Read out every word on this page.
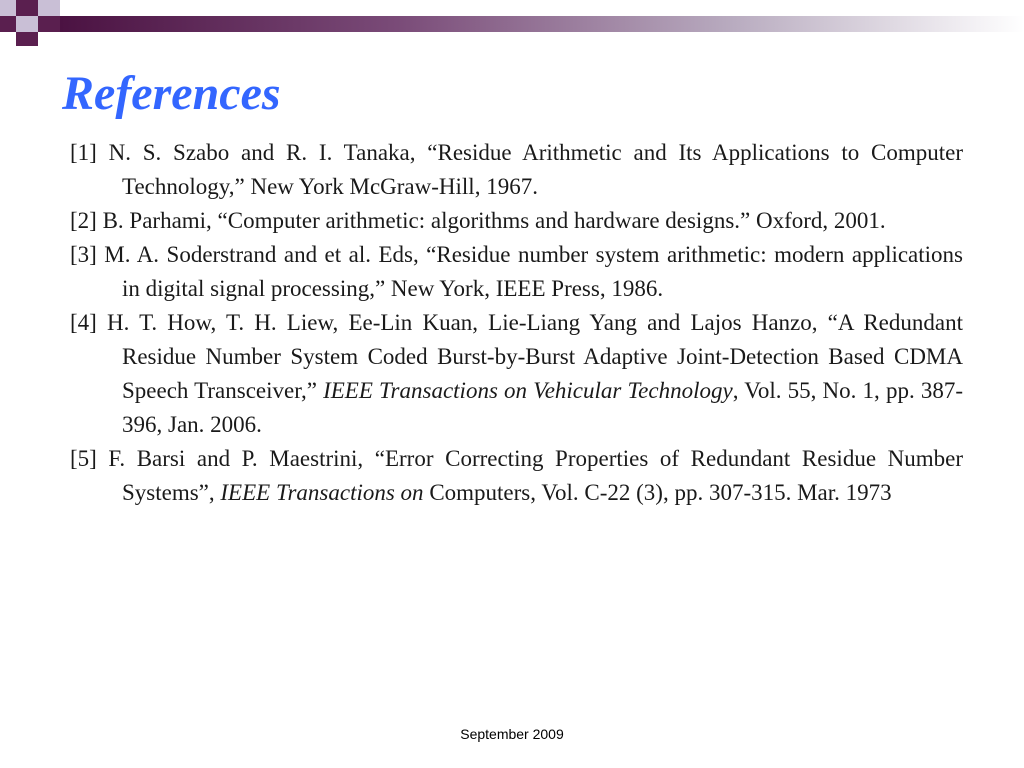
References
[1] N. S. Szabo and R. I. Tanaka, “Residue Arithmetic and Its Applications to Computer Technology,” New York McGraw-Hill, 1967.
[2] B. Parhami, “Computer arithmetic: algorithms and hardware designs.” Oxford, 2001.
[3] M. A. Soderstrand and et al. Eds, “Residue number system arithmetic: modern applications in digital signal processing,” New York, IEEE Press, 1986.
[4] H. T. How, T. H. Liew, Ee-Lin Kuan, Lie-Liang Yang and Lajos Hanzo, “A Redundant Residue Number System Coded Burst-by-Burst Adaptive Joint-Detection Based CDMA Speech Transceiver,” IEEE Transactions on Vehicular Technology, Vol. 55, No. 1, pp. 387-396, Jan. 2006.
[5] F. Barsi and P. Maestrini, “Error Correcting Properties of Redundant Residue Number Systems”, IEEE Transactions on Computers, Vol. C-22 (3), pp. 307-315. Mar. 1973
September 2009
